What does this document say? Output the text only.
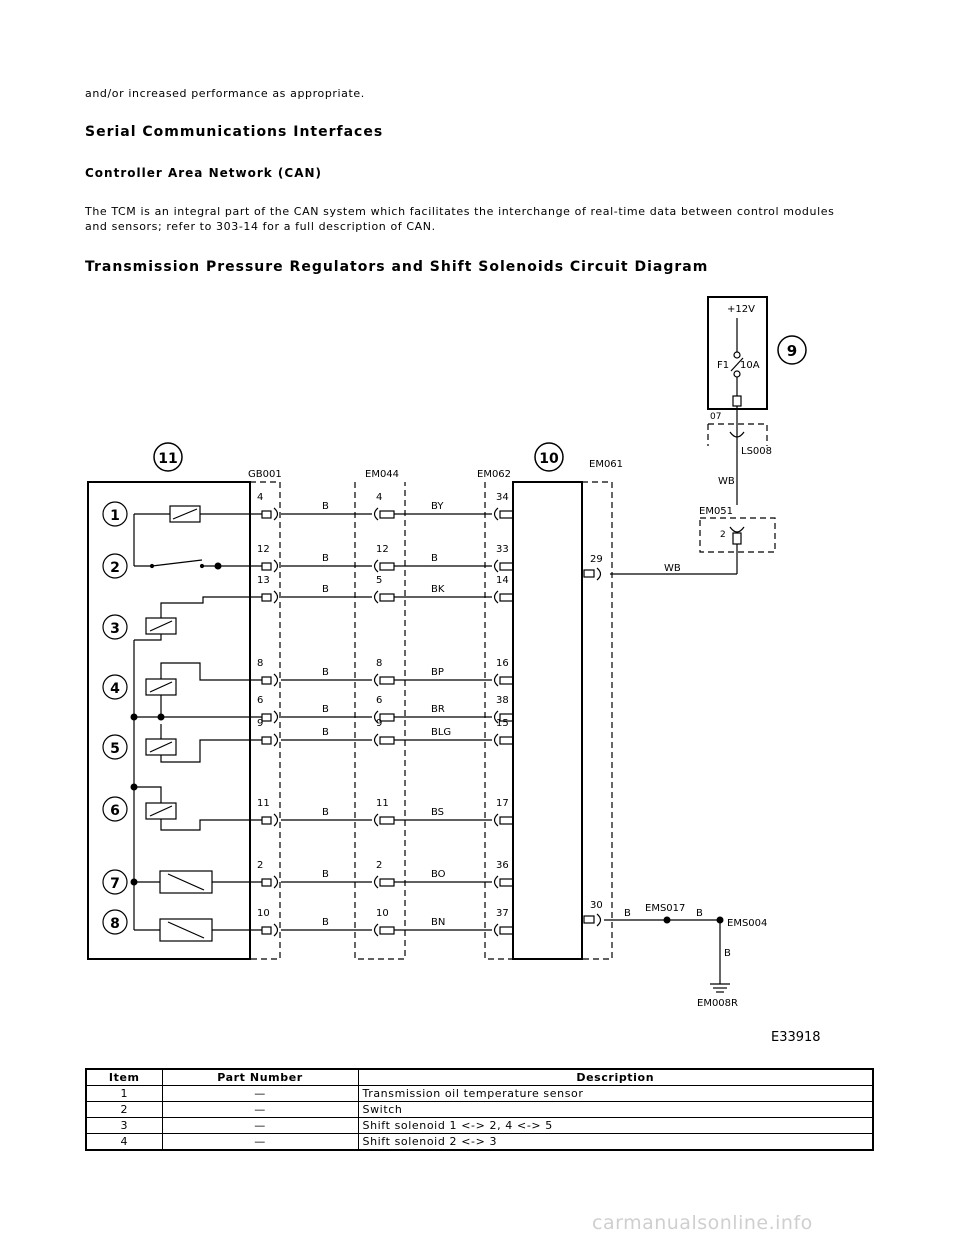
and/or increased performance as appropriate.
Serial Communications Interfaces
Controller Area Network (CAN)
The TCM is an integral part of the CAN system which facilitates the interchange of real-time data between control modules
and sensors; refer to 303-14 for a full description of CAN.
Transmission Pressure Regulators and Shift Solenoids Circuit Diagram
+12V
F1 10A
07
LS008
WB
EM051
2
WB
9
10
11
GB001	EM044	EM062
EM061
1
2
3
4
5
6
7
8
4
B
4
BY
34
12
B
12
B
33
13
B
5
BK
14
8
B
8
BP
16
6
B
6
BR
38
9
B
9
BLG
15
11
B
11
BS
17
2
B
2
BO
36
10
B
10
BN
37
29
30
B EMS017 B
EMS004
B
EM008R
E33918
Item	Part Number	Description
1	—	Transmission oil temperature sensor
2	—	Switch
3	—	Shift solenoid 1 <-> 2, 4 <-> 5
4	—	Shift solenoid 2 <-> 3
carmanualsonline.info
